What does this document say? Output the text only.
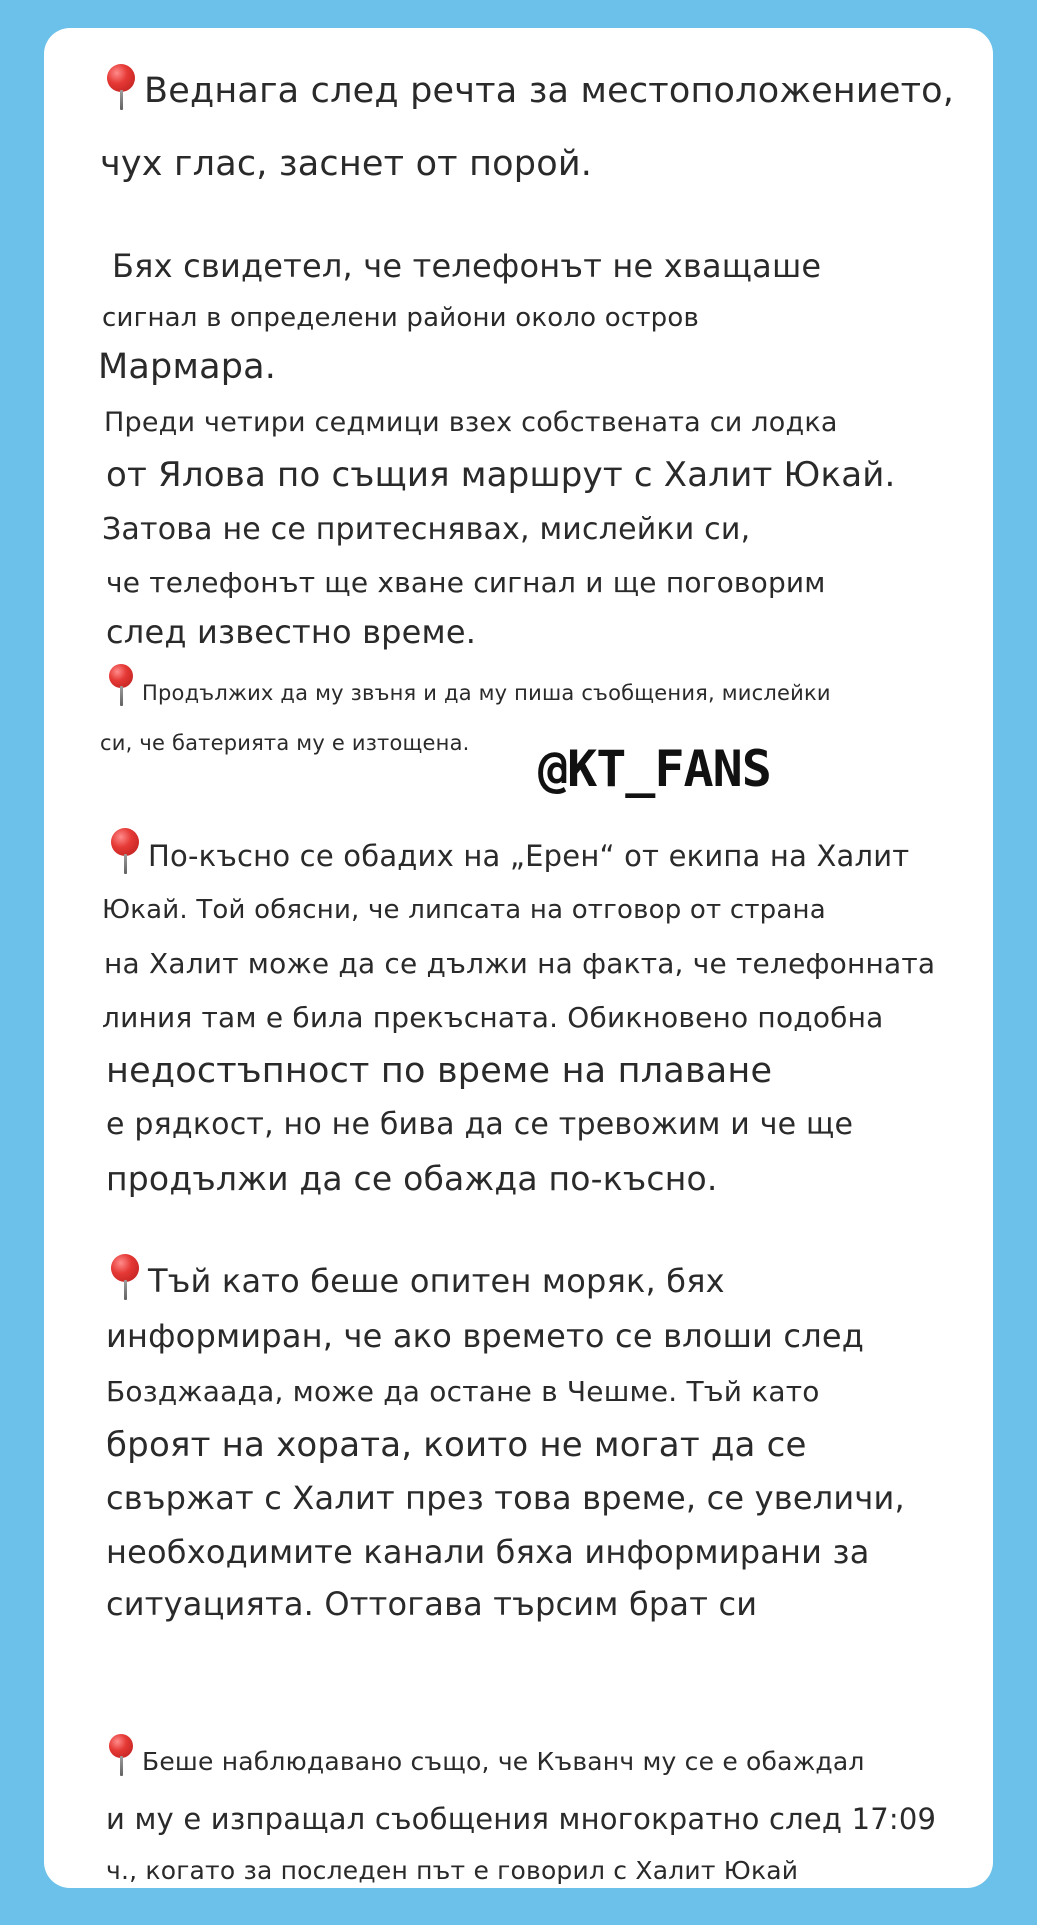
Веднага след речта за местоположението,
чух глас, заснет от порой.
Бях свидетел, че телефонът не хващаше
сигнал в определени райони около остров
Мармара.
Преди четири седмици взех собствената си лодка
от Ялова по същия маршрут с Халит Юкай.
Затова не се притеснявах, мислейки си,
че телефонът ще хване сигнал и ще поговорим
след известно време.
Продължих да му звъня и да му пиша съобщения, мислейки
си, че батерията му е изтощена. @KT_FANS
По-късно се обадих на „Ерен“ от екипа на Халит
Юкай. Той обясни, че липсата на отговор от страна
на Халит може да се дължи на факта, че телефонната
линия там е била прекъсната. Обикновено подобна
недостъпност по време на плаване
е рядкост, но не бива да се тревожим и че ще
продължи да се обажда по-късно.
Тъй като беше опитен моряк, бях
информиран, че ако времето се влоши след
Бозджаада, може да остане в Чешме. Тъй като
броят на хората, които не могат да се
свържат с Халит през това време, се увеличи,
необходимите канали бяха информирани за
ситуацията. Оттогава търсим брат си
Беше наблюдавано също, че Къванч му се е обаждал
и му е изпращал съобщения многократно след 17:09
ч., когато за последен път е говорил с Халит Юкай
